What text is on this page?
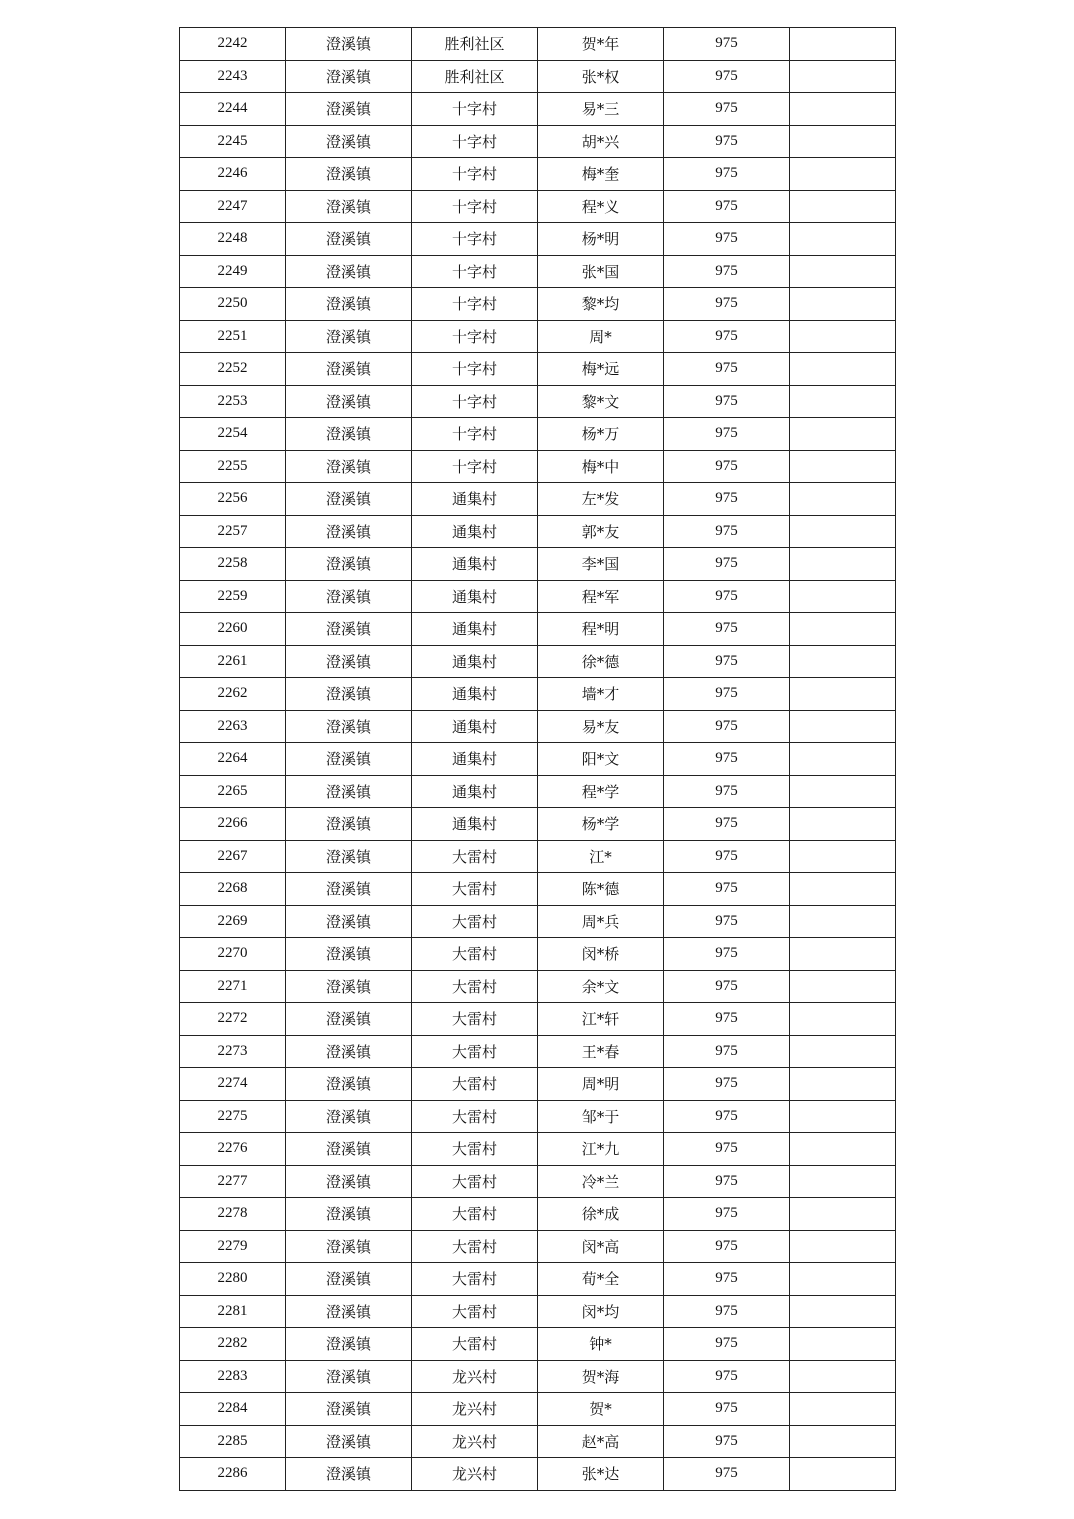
2242	澄溪镇	胜利社区	贺*年	975	
2243	澄溪镇	胜利社区	张*权	975	
2244	澄溪镇	十字村	易*三	975	
2245	澄溪镇	十字村	胡*兴	975	
2246	澄溪镇	十字村	梅*奎	975	
2247	澄溪镇	十字村	程*义	975	
2248	澄溪镇	十字村	杨*明	975	
2249	澄溪镇	十字村	张*国	975	
2250	澄溪镇	十字村	黎*均	975	
2251	澄溪镇	十字村	周*	975	
2252	澄溪镇	十字村	梅*远	975	
2253	澄溪镇	十字村	黎*文	975	
2254	澄溪镇	十字村	杨*万	975	
2255	澄溪镇	十字村	梅*中	975	
2256	澄溪镇	通集村	左*发	975	
2257	澄溪镇	通集村	郭*友	975	
2258	澄溪镇	通集村	李*国	975	
2259	澄溪镇	通集村	程*军	975	
2260	澄溪镇	通集村	程*明	975	
2261	澄溪镇	通集村	徐*德	975	
2262	澄溪镇	通集村	墙*才	975	
2263	澄溪镇	通集村	易*友	975	
2264	澄溪镇	通集村	阳*文	975	
2265	澄溪镇	通集村	程*学	975	
2266	澄溪镇	通集村	杨*学	975	
2267	澄溪镇	大雷村	江*	975	
2268	澄溪镇	大雷村	陈*德	975	
2269	澄溪镇	大雷村	周*兵	975	
2270	澄溪镇	大雷村	闵*桥	975	
2271	澄溪镇	大雷村	余*文	975	
2272	澄溪镇	大雷村	江*轩	975	
2273	澄溪镇	大雷村	王*春	975	
2274	澄溪镇	大雷村	周*明	975	
2275	澄溪镇	大雷村	邹*于	975	
2276	澄溪镇	大雷村	江*九	975	
2277	澄溪镇	大雷村	冷*兰	975	
2278	澄溪镇	大雷村	徐*成	975	
2279	澄溪镇	大雷村	闵*高	975	
2280	澄溪镇	大雷村	荀*全	975	
2281	澄溪镇	大雷村	闵*均	975	
2282	澄溪镇	大雷村	钟*	975	
2283	澄溪镇	龙兴村	贺*海	975	
2284	澄溪镇	龙兴村	贺*	975	
2285	澄溪镇	龙兴村	赵*高	975	
2286	澄溪镇	龙兴村	张*达	975	
